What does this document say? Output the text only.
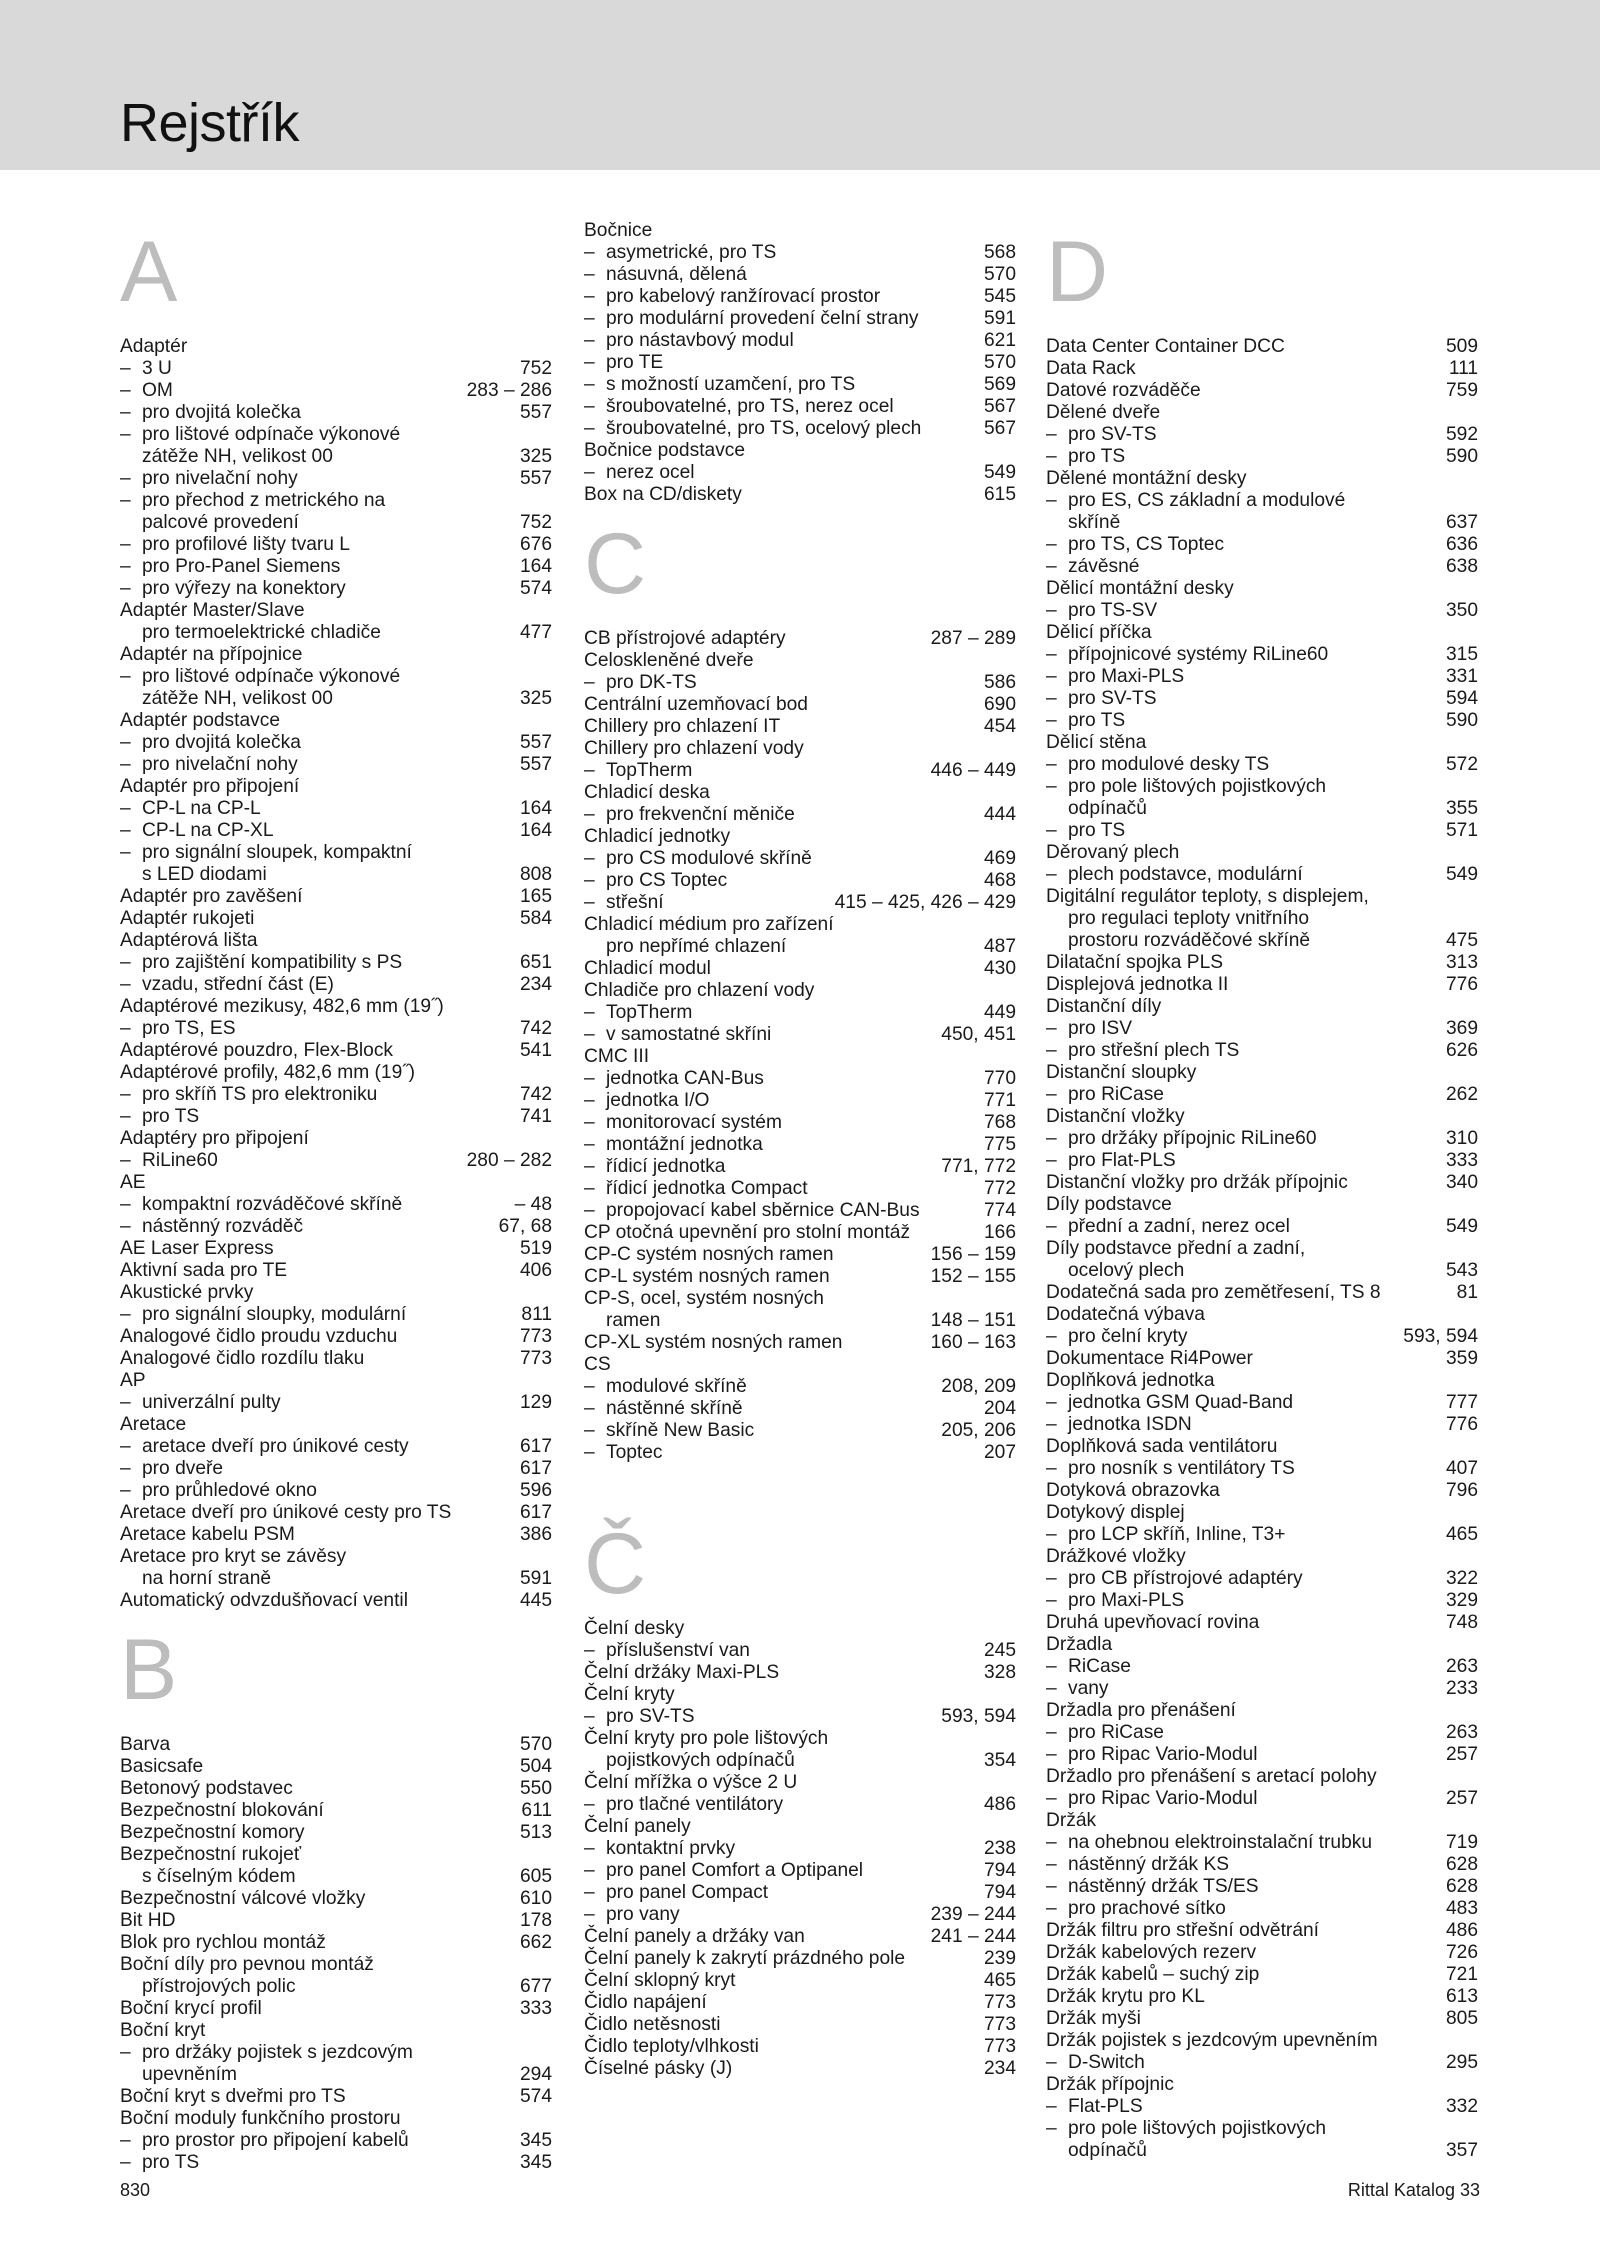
Rejstřík
A
Adaptér
– 3 U	752
– OM	283 – 286
– pro dvojitá kolečka	557
– pro lištové odpínače výkonové
zátěže NH, velikost 00	325
– pro nivelační nohy	557
– pro přechod z metrického na
palcové provedení	752
– pro profilové lišty tvaru L	676
– pro Pro-Panel Siemens	164
– pro výřezy na konektory	574
Adaptér Master/Slave
pro termoelektrické chladiče	477
Adaptér na přípojnice
– pro lištové odpínače výkonové
zátěže NH, velikost 00	325
Adaptér podstavce
– pro dvojitá kolečka	557
– pro nivelační nohy	557
Adaptér pro připojení
– CP-L na CP-L	164
– CP-L na CP-XL	164
– pro signální sloupek, kompaktní
s LED diodami	808
Adaptér pro zavěšení	165
Adaptér rukojeti	584
Adaptérová lišta
– pro zajištění kompatibility s PS	651
– vzadu, střední část (E)	234
Adaptérové mezikusy, 482,6 mm (19˝)
– pro TS, ES	742
Adaptérové pouzdro, Flex-Block	541
Adaptérové profily, 482,6 mm (19˝)
– pro skříň TS pro elektroniku	742
– pro TS	741
Adaptéry pro připojení
– RiLine60	280 – 282
AE
– kompaktní rozváděčové skříně	– 48
– nástěnný rozváděč	67, 68
AE Laser Express	519
Aktivní sada pro TE	406
Akustické prvky
– pro signální sloupky, modulární	811
Analogové čidlo proudu vzduchu	773
Analogové čidlo rozdílu tlaku	773
AP
– univerzální pulty	129
Aretace
– aretace dveří pro únikové cesty	617
– pro dveře	617
– pro průhledové okno	596
Aretace dveří pro únikové cesty pro TS	617
Aretace kabelu PSM	386
Aretace pro kryt se závěsy
na horní straně	591
Automatický odvzdušňovací ventil	445
B
Barva	570
Basicsafe	504
Betonový podstavec	550
Bezpečnostní blokování	611
Bezpečnostní komory	513
Bezpečnostní rukojeť
s číselným kódem	605
Bezpečnostní válcové vložky	610
Bit HD	178
Blok pro rychlou montáž	662
Boční díly pro pevnou montáž
přístrojových polic	677
Boční krycí profil	333
Boční kryt
– pro držáky pojistek s jezdcovým
upevněním	294
Boční kryt s dveřmi pro TS	574
Boční moduly funkčního prostoru
– pro prostor pro připojení kabelů	345
– pro TS	345
Bočnice
– asymetrické, pro TS	568
– násuvná, dělená	570
– pro kabelový ranžírovací prostor	545
– pro modulární provedení čelní strany	591
– pro nástavbový modul	621
– pro TE	570
– s možností uzamčení, pro TS	569
– šroubovatelné, pro TS, nerez ocel	567
– šroubovatelné, pro TS, ocelový plech	567
Bočnice podstavce
– nerez ocel	549
Box na CD/diskety	615
C
CB přístrojové adaptéry	287 – 289
Celoskleněné dveře
– pro DK-TS	586
Centrální uzemňovací bod	690
Chillery pro chlazení IT	454
Chillery pro chlazení vody
– TopTherm	446 – 449
Chladicí deska
– pro frekvenční měniče	444
Chladicí jednotky
– pro CS modulové skříně	469
– pro CS Toptec	468
– střešní	415 – 425, 426 – 429
Chladicí médium pro zařízení
pro nepřímé chlazení	487
Chladicí modul	430
Chladiče pro chlazení vody
– TopTherm	449
– v samostatné skříni	450, 451
CMC III
– jednotka CAN-Bus	770
– jednotka I/O	771
– monitorovací systém	768
– montážní jednotka	775
– řídicí jednotka	771, 772
– řídicí jednotka Compact	772
– propojovací kabel sběrnice CAN-Bus	774
CP otočná upevnění pro stolní montáž	166
CP-C systém nosných ramen	156 – 159
CP-L systém nosných ramen	152 – 155
CP-S, ocel, systém nosných
ramen	148 – 151
CP-XL systém nosných ramen	160 – 163
CS
– modulové skříně	208, 209
– nástěnné skříně	204
– skříně New Basic	205, 206
– Toptec	207
Č
Čelní desky
– příslušenství van	245
Čelní držáky Maxi-PLS	328
Čelní kryty
– pro SV-TS	593, 594
Čelní kryty pro pole lištových
pojistkových odpínačů	354
Čelní mřížka o výšce 2 U
– pro tlačné ventilátory	486
Čelní panely
– kontaktní prvky	238
– pro panel Comfort a Optipanel	794
– pro panel Compact	794
– pro vany	239 – 244
Čelní panely a držáky van	241 – 244
Čelní panely k zakrytí prázdného pole	239
Čelní sklopný kryt	465
Čidlo napájení	773
Čidlo netěsnosti	773
Čidlo teploty/vlhkosti	773
Číselné pásky (J)	234
D
Data Center Container DCC	509
Data Rack	111
Datové rozváděče	759
Dělené dveře
– pro SV-TS	592
– pro TS	590
Dělené montážní desky
– pro ES, CS základní a modulové
skříně	637
– pro TS, CS Toptec	636
– závěsné	638
Dělicí montážní desky
– pro TS-SV	350
Dělicí příčka
– přípojnicové systémy RiLine60	315
– pro Maxi-PLS	331
– pro SV-TS	594
– pro TS	590
Dělicí stěna
– pro modulové desky TS	572
– pro pole lištových pojistkových
odpínačů	355
– pro TS	571
Děrovaný plech
– plech podstavce, modulární	549
Digitální regulátor teploty, s displejem,
pro regulaci teploty vnitřního
prostoru rozváděčové skříně	475
Dilatační spojka PLS	313
Displejová jednotka II	776
Distanční díly
– pro ISV	369
– pro střešní plech TS	626
Distanční sloupky
– pro RiCase	262
Distanční vložky
– pro držáky přípojnic RiLine60	310
– pro Flat-PLS	333
Distanční vložky pro držák přípojnic	340
Díly podstavce
– přední a zadní, nerez ocel	549
Díly podstavce přední a zadní,
ocelový plech	543
Dodatečná sada pro zemětřesení, TS 8	81
Dodatečná výbava
– pro čelní kryty	593, 594
Dokumentace Ri4Power	359
Doplňková jednotka
– jednotka GSM Quad-Band	777
– jednotka ISDN	776
Doplňková sada ventilátoru
– pro nosník s ventilátory TS	407
Dotyková obrazovka	796
Dotykový displej
– pro LCP skříň, Inline, T3+	465
Drážkové vložky
– pro CB přístrojové adaptéry	322
– pro Maxi-PLS	329
Druhá upevňovací rovina	748
Držadla
– RiCase	263
– vany	233
Držadla pro přenášení
– pro RiCase	263
– pro Ripac Vario-Modul	257
Držadlo pro přenášení s aretací polohy
– pro Ripac Vario-Modul	257
Držák
– na ohebnou elektroinstalační trubku	719
– nástěnný držák KS	628
– nástěnný držák TS/ES	628
– pro prachové sítko	483
Držák filtru pro střešní odvětrání	486
Držák kabelových rezerv	726
Držák kabelů – suchý zip	721
Držák krytu pro KL	613
Držák myši	805
Držák pojistek s jezdcovým upevněním
– D-Switch	295
Držák přípojnic
– Flat-PLS	332
– pro pole lištových pojistkových
odpínačů	357
830	Rittal Katalog 33
